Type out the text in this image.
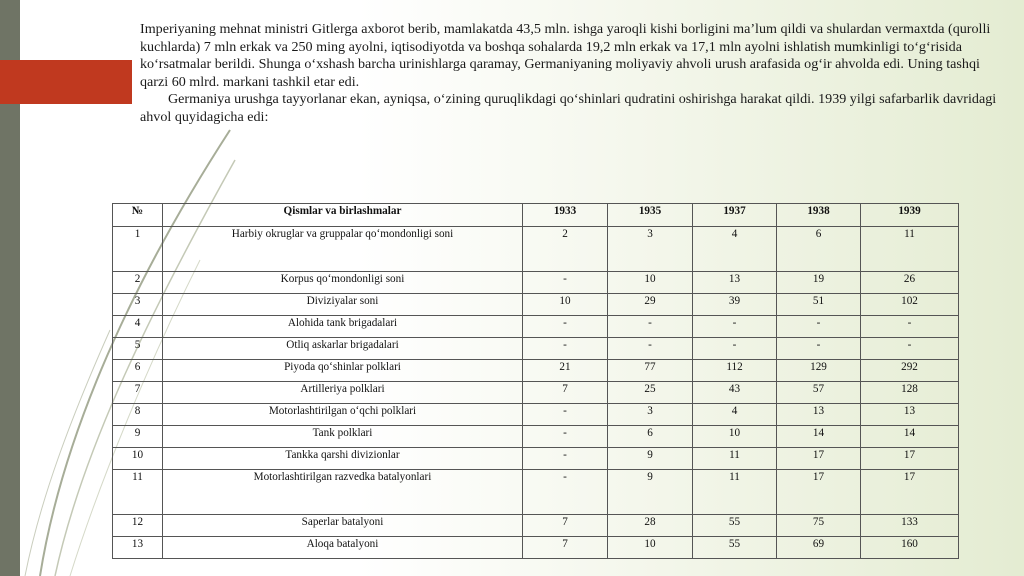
Imperiyaning mehnat ministri Gitlerga axborot berib, mamlakatda 43,5 mln. ishga yaroqli kishi borligini ma’lum qildi va shulardan vermaxtda (qurolli kuchlarda) 7 mln erkak va 250 ming ayolni, iqtisodiyotda va boshqa sohalarda 19,2 mln erkak va 17,1 mln ayolni ishlatish mumkinligi to‘g‘risida ko‘rsatmalar berildi. Shunga o‘xshash barcha urinishlarga qaramay, Germaniyaning moliyaviy ahvoli urush arafasida og‘ir ahvolda edi. Uning tashqi qarzi 60 mlrd. markani tashkil etar edi.

Germaniya urushga tayyorlanar ekan, ayniqsa, o‘zining quruqlikdagi qo‘shinlari qudratini oshirishga harakat qildi. 1939 yilgi safarbarlik davridagi ahvol quyidagicha edi:

№	Qismlar va birlashmalar	1933	1935	1937	1938	1939
1	Harbiy okruglar va gruppalar qo‘mondonligi soni	2	3	4	6	11
2	Korpus qo‘mondonligi soni	-	10	13	19	26
3	Diviziyalar soni	10	29	39	51	102
4	Alohida tank brigadalari	-	-	-	-	-
5	Otliq askarlar brigadalari	-	-	-	-	-
6	Piyoda qo‘shinlar polklari	21	77	112	129	292
7	Artilleriya polklari	7	25	43	57	128
8	Motorlashtirilgan o‘qchi polklari	-	3	4	13	13
9	Tank polklari	-	6	10	14	14
10	Tankka qarshi divizionlar	-	9	11	17	17
11	Motorlashtirilgan razvedka batalyonlari	-	9	11	17	17
12	Saperlar batalyoni	7	28	55	75	133
13	Aloqa batalyoni	7	10	55	69	160
